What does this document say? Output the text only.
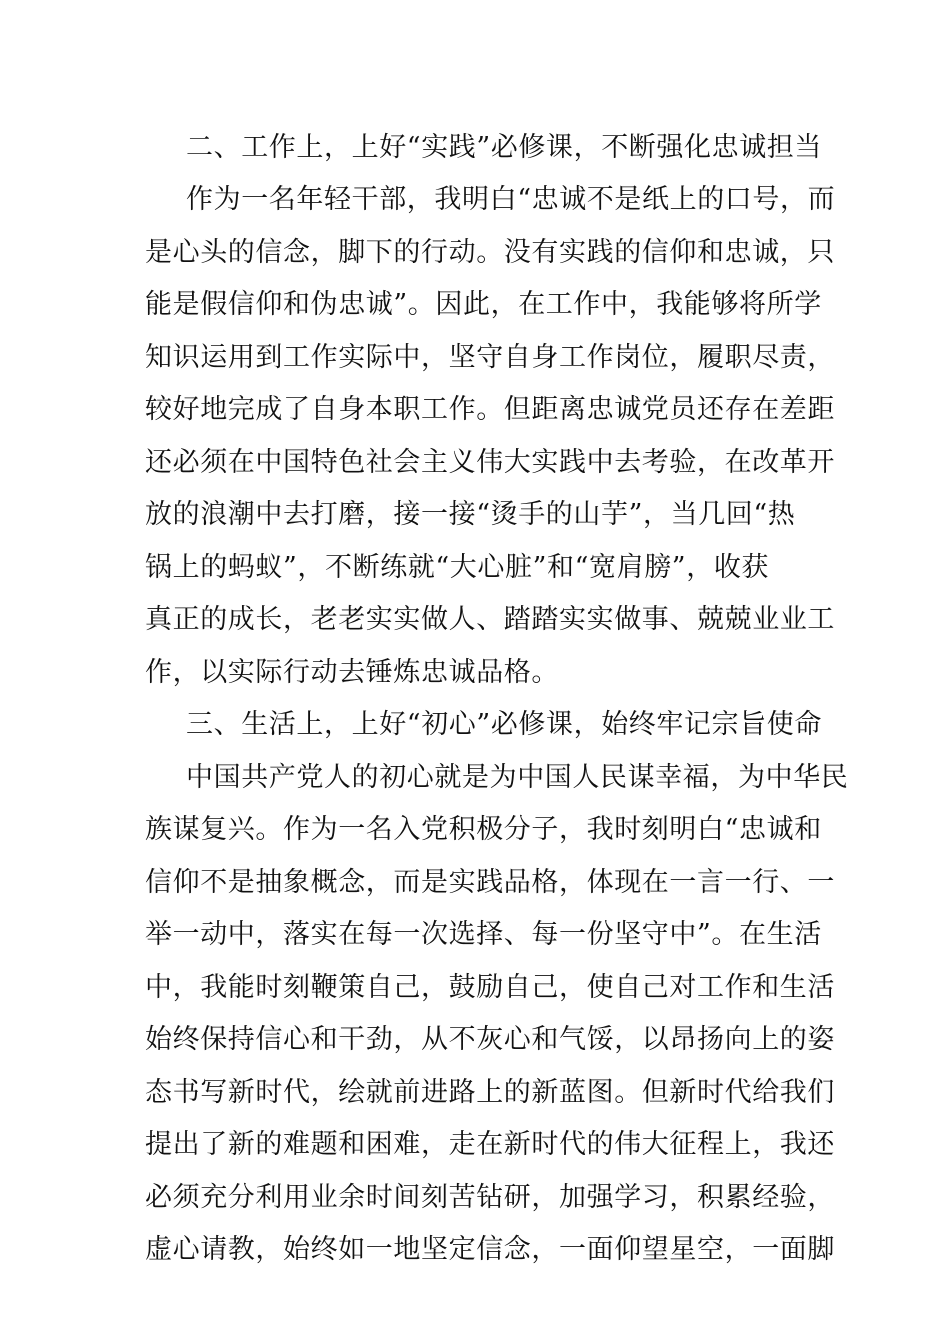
二、工作上，上好“实践”必修课，不断强化忠诚担当
作为一名年轻干部，我明白“忠诚不是纸上的口号，而
是心头的信念，脚下的行动。没有实践的信仰和忠诚，只
能是假信仰和伪忠诚”。因此，在工作中，我能够将所学
知识运用到工作实际中，坚守自身工作岗位，履职尽责，
较好地完成了自身本职工作。但距离忠诚党员还存在差距
还必须在中国特色社会主义伟大实践中去考验，在改革开
放的浪潮中去打磨，接一接“烫手的山芋”，当几回“热
锅上的蚂蚁”，不断练就“大心脏”和“宽肩膀”，收获
真正的成长，老老实实做人、踏踏实实做事、兢兢业业工
作，以实际行动去锤炼忠诚品格。
三、生活上，上好“初心”必修课，始终牢记宗旨使命
中国共产党人的初心就是为中国人民谋幸福，为中华民
族谋复兴。作为一名入党积极分子，我时刻明白“忠诚和
信仰不是抽象概念，而是实践品格，体现在一言一行、一
举一动中，落实在每一次选择、每一份坚守中”。在生活
中，我能时刻鞭策自己，鼓励自己，使自己对工作和生活
始终保持信心和干劲，从不灰心和气馁，以昂扬向上的姿
态书写新时代，绘就前进路上的新蓝图。但新时代给我们
提出了新的难题和困难，走在新时代的伟大征程上，我还
必须充分利用业余时间刻苦钻研，加强学习，积累经验，
虚心请教，始终如一地坚定信念，一面仰望星空，一面脚
